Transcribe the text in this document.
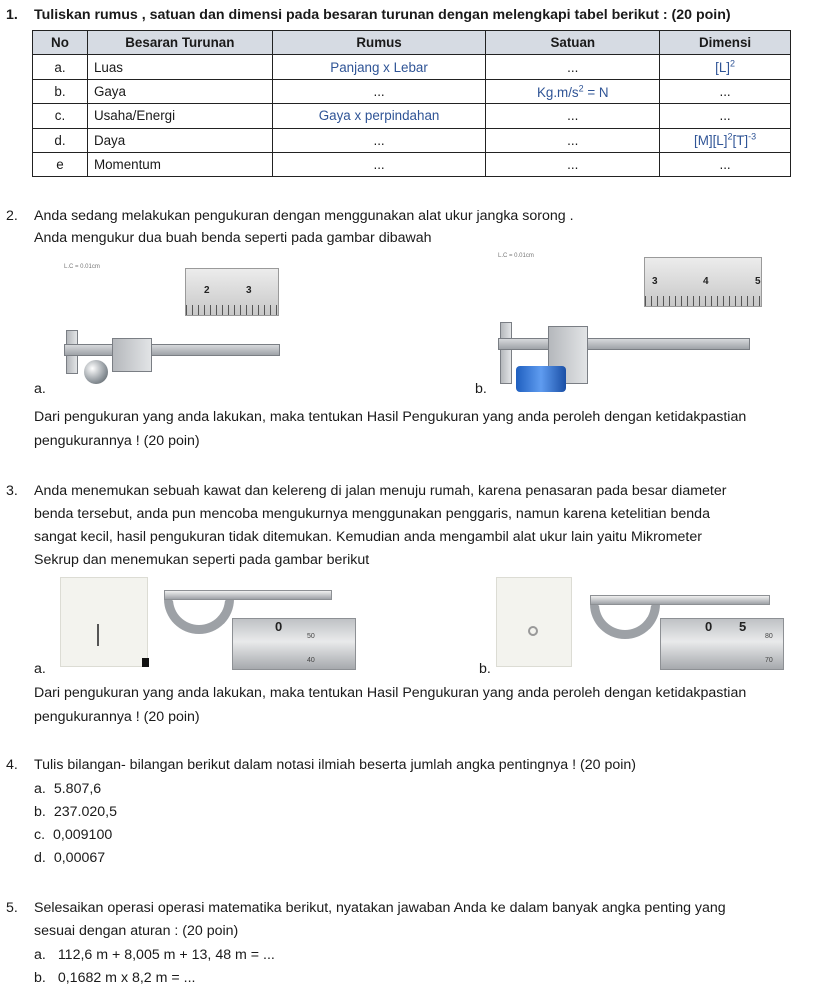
1. Tuliskan rumus , satuan dan dimensi pada besaran turunan dengan melengkapi tabel berikut : (20 poin)
No	Besaran Turunan	Rumus	Satuan	Dimensi
a.	Luas	Panjang x Lebar	...	$[L]^2$
b.	Gaya	...	$Kg.m/s^2 = N$	...
c.	Usaha/Energi	Gaya x perpindahan	...	...
d.	Daya	...	...	$[M][L]^2[T]^{-3}$
e	Momentum	...	...	...
2. Anda sedang melakukan pengukuran dengan menggunakan alat ukur jangka sorong .
Anda mengukur dua buah benda seperti pada gambar dibawah
L.C = 0.01cm
2	3
a.
L.C = 0.01cm
3	4	5
b.
Dari pengukuran yang anda lakukan, maka tentukan Hasil Pengukuran yang anda peroleh dengan ketidakpastian
pengukurannya ! (20 poin)
3. Anda menemukan sebuah kawat dan kelereng di jalan menuju rumah, karena penasaran pada besar diameter
benda tersebut, anda pun mencoba mengukurnya menggunakan penggaris, namun karena ketelitian benda
sangat kecil, hasil pengukuran tidak ditemukan. Kemudian anda mengambil alat ukur lain yaitu Mikrometer
Sekrup dan menemukan seperti pada gambar berikut
0
50
40
a.
0 5
80
70
b.
Dari pengukuran yang anda lakukan, maka tentukan Hasil Pengukuran yang anda peroleh dengan ketidakpastian
pengukurannya ! (20 poin)
4. Tulis bilangan- bilangan berikut dalam notasi ilmiah beserta jumlah angka pentingnya ! (20 poin)
a. 5.807,6
b. 237.020,5
c. 0,009100
d. 0,00067
5. Selesaikan operasi operasi matematika berikut, nyatakan jawaban Anda ke dalam banyak angka penting yang
sesuai dengan aturan : (20 poin)
a. 112,6 m + 8,005 m + 13, 48 m = ...
b. 0,1682 m x 8,2 m = ...
